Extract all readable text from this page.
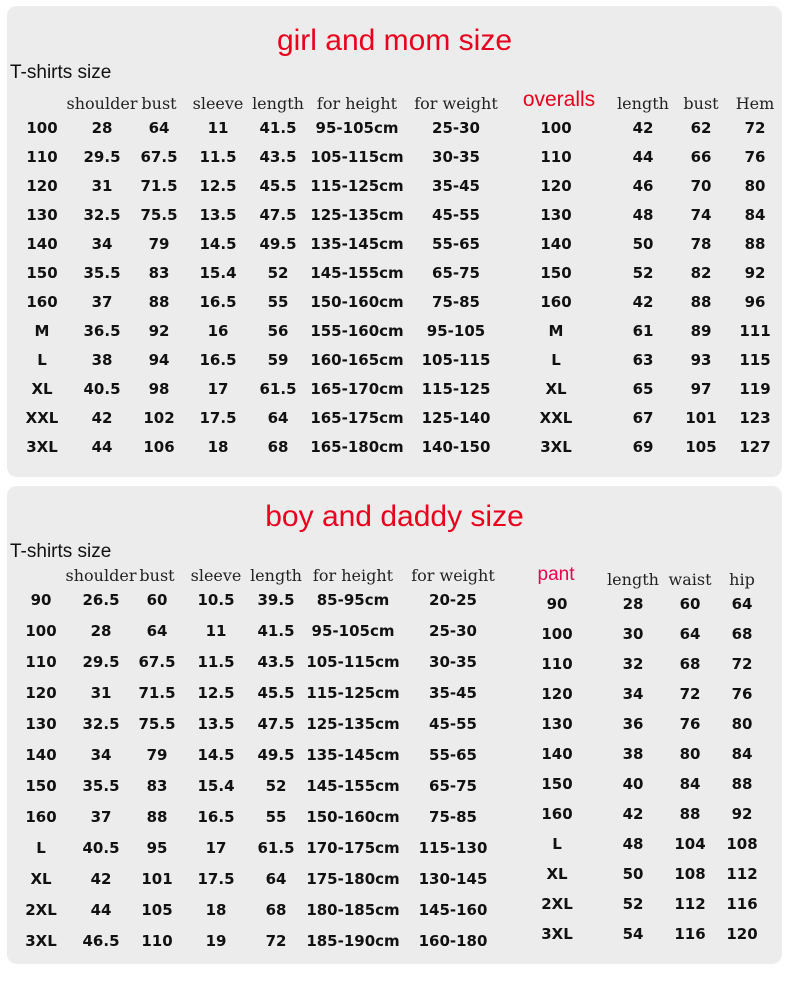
girl and mom size
T-shirts size
shoulder bust sleeve length for height for weight
100 28 64	11 41.5 95-105cm 25-30
110 29.5 67.5 11.5 43.5 105-115cm 30-35
120 31 71.5 12.5 45.5 115-125cm 35-45
130 32.5 75.5 13.5 47.5 125-135cm 45-55
140 34 79 14.5 49.5 135-145cm 55-65
150 35.5 83 15.4 52 145-155cm 65-75
160 37 88 16.5 55 150-160cm 75-85
M 36.5 92	16	56 155-160cm 95-105
L	38 94 16.5 59 160-165cm 105-115
XL 40.5 98	17 61.5 165-170cm 115-125
XXL 42 102 17.5 64 165-175cm 125-140
3XL 44 106 18	68 165-180cm 140-150
overalls length bust Hem
100	42 62 72
110	44 66 76
120	46 70 80
130	48 74 84
140	50 78 88
150	52 82 92
160	42 88 96
M	61 89 111
L	63 93 115
XL	65 97 119
XXL	67 101 123
3XL	69 105 127
boy and daddy size
T-shirts size
shoulder bust sleeve length for height for weight
90 26.5 60 10.5 39.5 85-95cm	20-25
100 28 64	11 41.5 95-105cm 25-30
110 29.5 67.5 11.5 43.5 105-115cm 30-35
120 31 71.5 12.5 45.5 115-125cm 35-45
130 32.5 75.5 13.5 47.5 125-135cm 45-55
140 34 79 14.5 49.5 135-145cm 55-65
150 35.5 83 15.4 52 145-155cm 65-75
160 37 88 16.5 55 150-160cm 75-85
L 40.5 95	17 61.5 170-175cm 115-130
XL	42 101 17.5 64 175-180cm 130-145
2XL 44 105 18	68 180-185cm 145-160
3XL 46.5 110 19	72 185-190cm 160-180
pant length waist hip
90	28 60 64
100	30 64 68
110	32 68 72
120	34 72 76
130	36 76 80
140	38 80 84
150	40 84 88
160	42 88 92
L	48 104 108
XL	50 108 112
2XL	52 112 116
3XL	54 116 120
